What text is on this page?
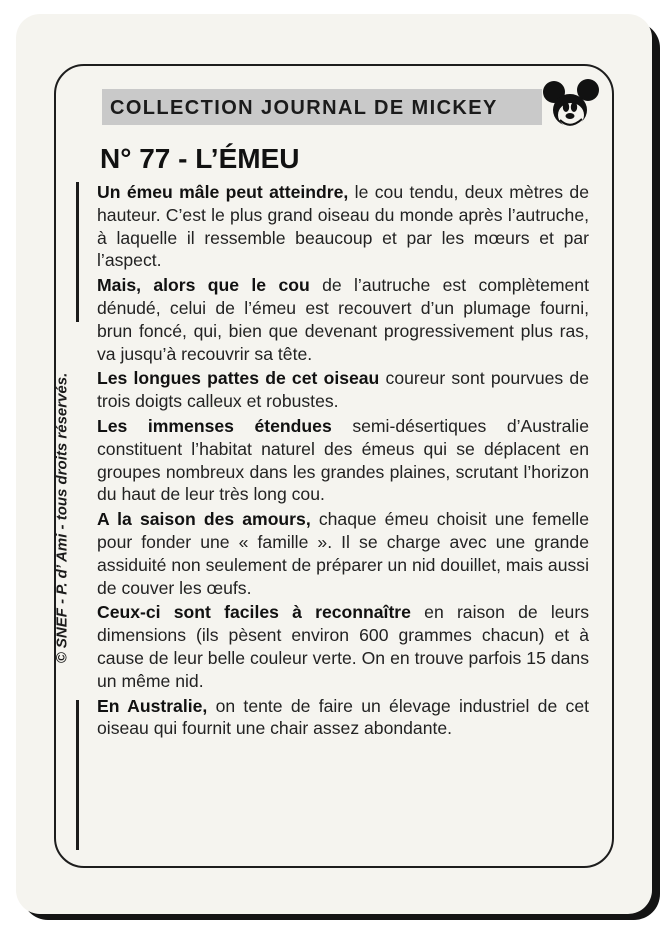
COLLECTION JOURNAL DE MICKEY
N° 77 - L’ÉMEU
© SNEF - P. d’ Ami - tous droits réservés.

Un émeu mâle peut atteindre, le cou tendu, deux mètres de hauteur. C’est le plus grand oiseau du monde après l’autruche, à laquelle il ressemble beaucoup et par les mœurs et par l’aspect.

Mais, alors que le cou de l’autruche est complètement dénudé, celui de l’émeu est recouvert d’un plumage fourni, brun foncé, qui, bien que devenant progressivement plus ras, va jusqu’à recouvrir sa tête.

Les longues pattes de cet oiseau coureur sont pourvues de trois doigts calleux et robustes.

Les immenses étendues semi-désertiques d’Australie constituent l’habitat naturel des émeus qui se déplacent en groupes nombreux dans les grandes plaines, scrutant l’horizon du haut de leur très long cou.

A la saison des amours, chaque émeu choisit une femelle pour fonder une « famille ». Il se charge avec une grande assiduité non seulement de préparer un nid douillet, mais aussi de couver les œufs.

Ceux-ci sont faciles à reconnaître en raison de leurs dimensions (ils pèsent environ 600 grammes chacun) et à cause de leur belle couleur verte. On en trouve parfois 15 dans un même nid.

En Australie, on tente de faire un élevage industriel de cet oiseau qui fournit une chair assez abondante.
